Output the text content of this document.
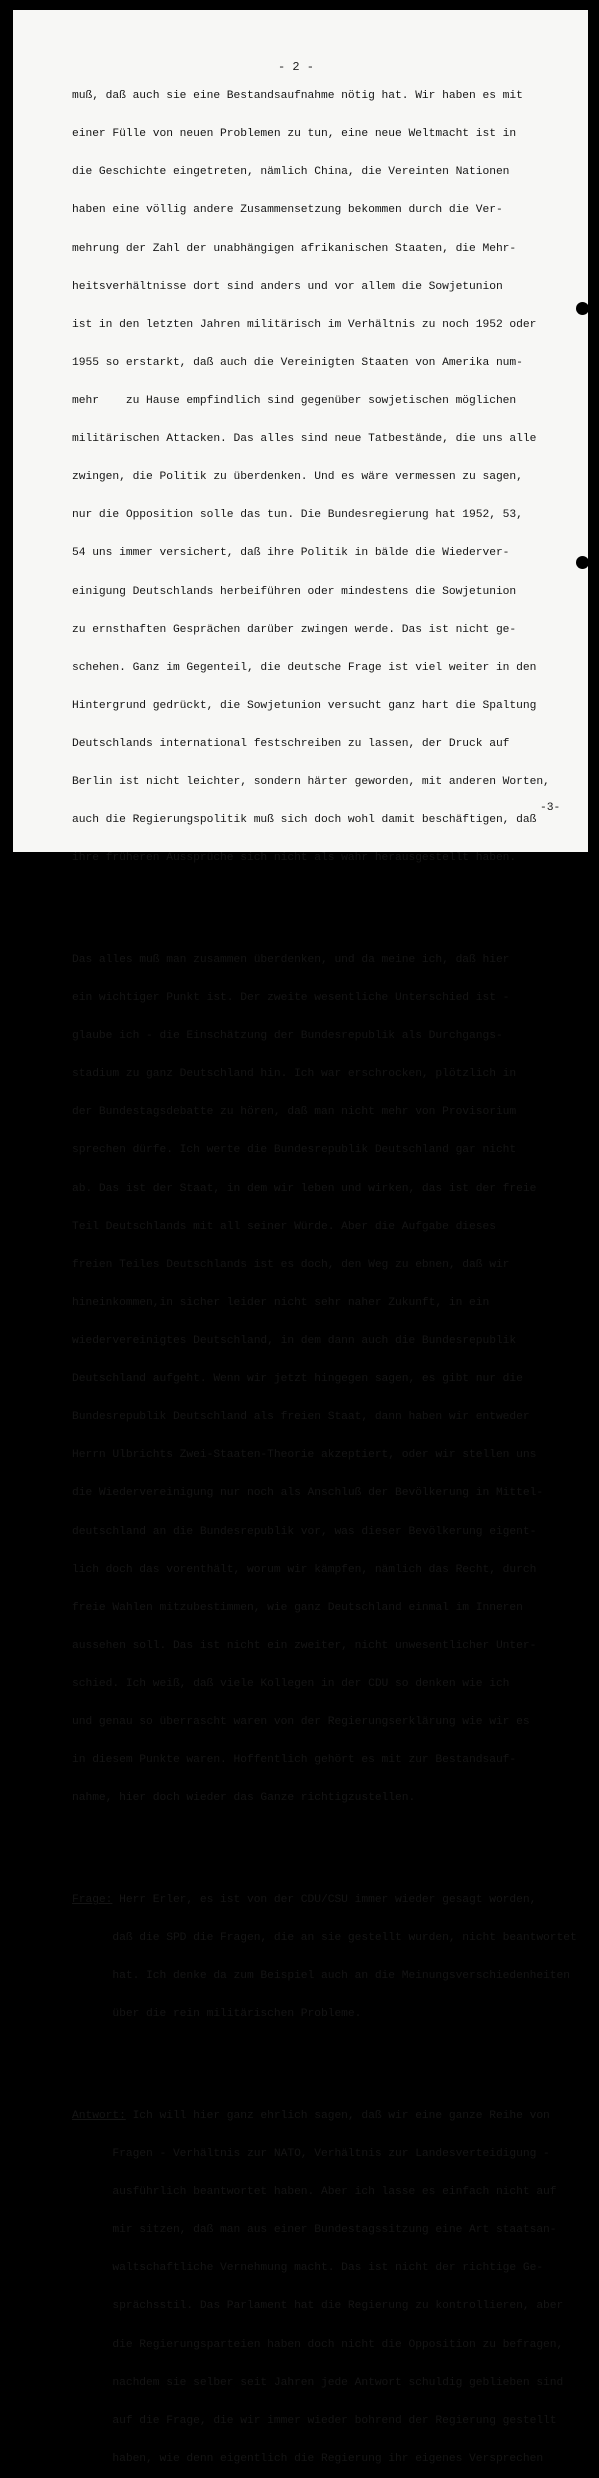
- 2 -

muß, daß auch sie eine Bestandsaufnahme nötig hat. Wir haben es mit

einer Fülle von neuen Problemen zu tun, eine neue Weltmacht ist in

die Geschichte eingetreten, nämlich China, die Vereinten Nationen

haben eine völlig andere Zusammensetzung bekommen durch die Ver-

mehrung der Zahl der unabhängigen afrikanischen Staaten, die Mehr-

heitsverhältnisse dort sind anders und vor allem die Sowjetunion

ist in den letzten Jahren militärisch im Verhältnis zu noch 1952 oder

1955 so erstarkt, daß auch die Vereinigten Staaten von Amerika num-

mehr    zu Hause empfindlich sind gegenüber sowjetischen möglichen

militärischen Attacken. Das alles sind neue Tatbestände, die uns alle

zwingen, die Politik zu überdenken. Und es wäre vermessen zu sagen,

nur die Opposition solle das tun. Die Bundesregierung hat 1952, 53,

54 uns immer versichert, daß ihre Politik in bälde die Wiederver-

einigung Deutschlands herbeiführen oder mindestens die Sowjetunion

zu ernsthaften Gesprächen darüber zwingen werde. Das ist nicht ge-

schehen. Ganz im Gegenteil, die deutsche Frage ist viel weiter in den

Hintergrund gedrückt, die Sowjetunion versucht ganz hart die Spaltung

Deutschlands international festschreiben zu lassen, der Druck auf

Berlin ist nicht leichter, sondern härter geworden, mit anderen Worten,

auch die Regierungspolitik muß sich doch wohl damit beschäftigen, daß

ihre früheren Aussprüche sich nicht als wahr herausgestellt haben.

Das alles muß man zusammen überdenken, und da meine ich, daß hier

ein wichtiger Punkt ist. Der zweite wesentliche Unterschied ist -

glaube ich - die Einschätzung der Bundesrepublik als Durchgangs-

stadium zu ganz Deutschland hin. Ich war erschrocken, plötzlich in

der Bundestagsdebatte zu hören, daß man nicht mehr von Provisorium

sprechen dürfe. Ich werte die Bundesrepublik Deutschland gar nicht

ab. Das ist der Staat, in dem wir leben und wirken, das ist der freie

Teil Deutschlands mit all seiner Würde. Aber die Aufgabe dieses

freien Teiles Deutschlands ist es doch, den Weg zu ebnen, daß wir

hineinkommen,in sicher leider nicht sehr naher Zukunft, in ein

wiedervereinigtes Deutschland, in dem dann auch die Bundesrepublik

Deutschland aufgeht. Wenn wir jetzt hingegen sagen, es gibt nur die

Bundesrepublik Deutschland als freien Staat, dann haben wir entweder

Herrn Ulbrichts Zwei-Staaten-Theorie akzeptiert, oder wir stellen uns

die Wiedervereinigung nur noch als Anschluß der Bevölkerung in Mittel-

deutschland an die Bundesrepublik vor, was dieser Bevölkerung eigent-

lich doch das vorenthält, worum wir kämpfen, nämlich das Recht, durch

freie Wahlen mitzubestimmen, wie ganz Deutschland einmal im Inneren

aussehen soll. Das ist nicht ein zweiter, nicht unwesentlicher Unter-

schied. Ich weiß, daß viele Kollegen in der CDU so denken wie ich

und genau so überrascht waren von der Regierungserklärung wie wir es

in diesem Punkte waren. Hoffentlich gehört es mit zur Bestandsauf-

nahme, hier doch wieder das Ganze richtigzustellen.

Frage: Herr Erler, es ist von der CDU/CSU immer wieder gesagt worden,

daß die SPD die Fragen, die an sie gestellt wurden, nicht beantwortet

hat. Ich denke da zum Beispiel auch an die Meinungsverschiedenheiten

über die rein militärischen Probleme.

Antwort: Ich will hier ganz ehrlich sagen, daß wir eine ganze Reihe von

Fragen - Verhältnis zur NATO, Verhältnis zur Landesverteidigung -

ausführlich beantwortet haben. Aber ich lasse es einfach nicht auf

mir sitzen, daß man aus einer Bundestagssitzung eine Art staatsan-

waltschaftliche Vernehmung macht. Das ist nicht der richtige Ge-

sprächsstil. Das Parlament hat die Regierung zu kontrollieren, aber

die Regierungsparteien haben doch nicht die Opposition zu befragen,

nachdem sie selber seit Jahren jede Antwort schuldig geblieben sind

auf die Frage, die wir immer wieder bohrend der Regierung gestellt

haben, wie denn eigentlich die Regierung ihr eigenes Versprechen

-3-
